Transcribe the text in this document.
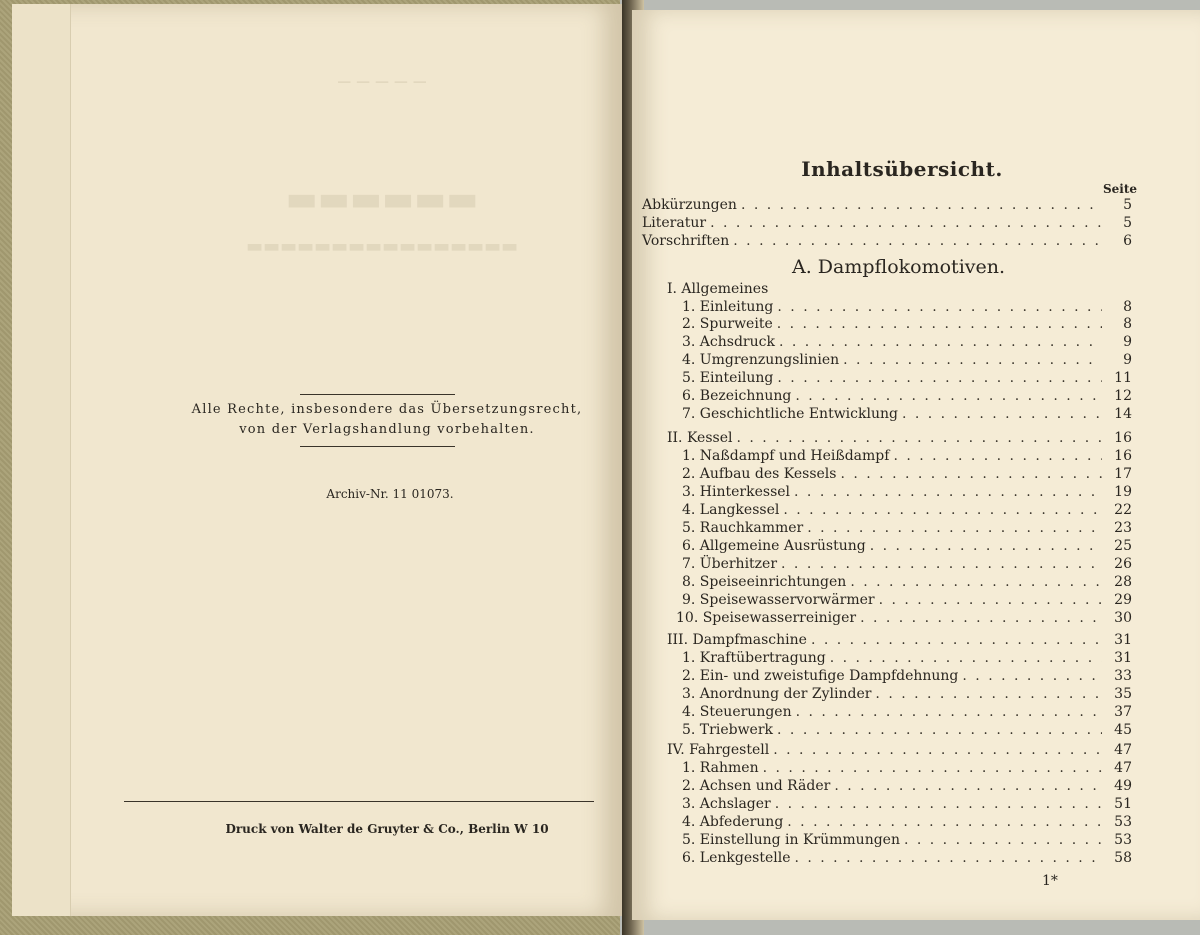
— — — — —
▬▬▬▬▬▬
▬▬▬▬▬▬▬▬▬▬▬▬▬▬▬▬
Alle Rechte, insbesondere das Übersetzungsrecht,
von der Verlagshandlung vorbehalten.
Archiv-Nr. 11 01073.
Druck von Walter de Gruyter & Co., Berlin W 10
Inhaltsübersicht.
Seite
Abkürzungen . . .	5
Literatur . . .	5
Vorschriften . . .	6
I. Allgemeines
1. Einleitung . . .	8
2. Spurweite . . .	8
3. Achsdruck . . .	9
4. Umgrenzungslinien . . .	9
5. Einteilung . . .	11
6. Bezeichnung . . .	12
7. Geschichtliche Entwicklung . . .	14
II. Kessel . . .	16
1. Naßdampf und Heißdampf . . .	16
2. Aufbau des Kessels . . .	17
3. Hinterkessel . . .	19
4. Langkessel . . .	22
5. Rauchkammer . . .	23
6. Allgemeine Ausrüstung . . .	25
7. Überhitzer . . .	26
8. Speiseeinrichtungen . . .	28
9. Speisewasservorwärmer . . .	29
10. Speisewasserreiniger . . .	30
III. Dampfmaschine . . .	31
1. Kraftübertragung . . .	31
2. Ein- und zweistufige Dampfdehnung . . .	33
3. Anordnung der Zylinder . . .	35
4. Steuerungen . . .	37
5. Triebwerk . . .	45
IV. Fahrgestell . . .	47
1. Rahmen . . .	47
2. Achsen und Räder . . .	49
3. Achslager . . .	51
4. Abfederung . . .	53
5. Einstellung in Krümmungen . . .	53
6. Lenkgestelle . . .	58
A. Dampflokomotiven.
1*
